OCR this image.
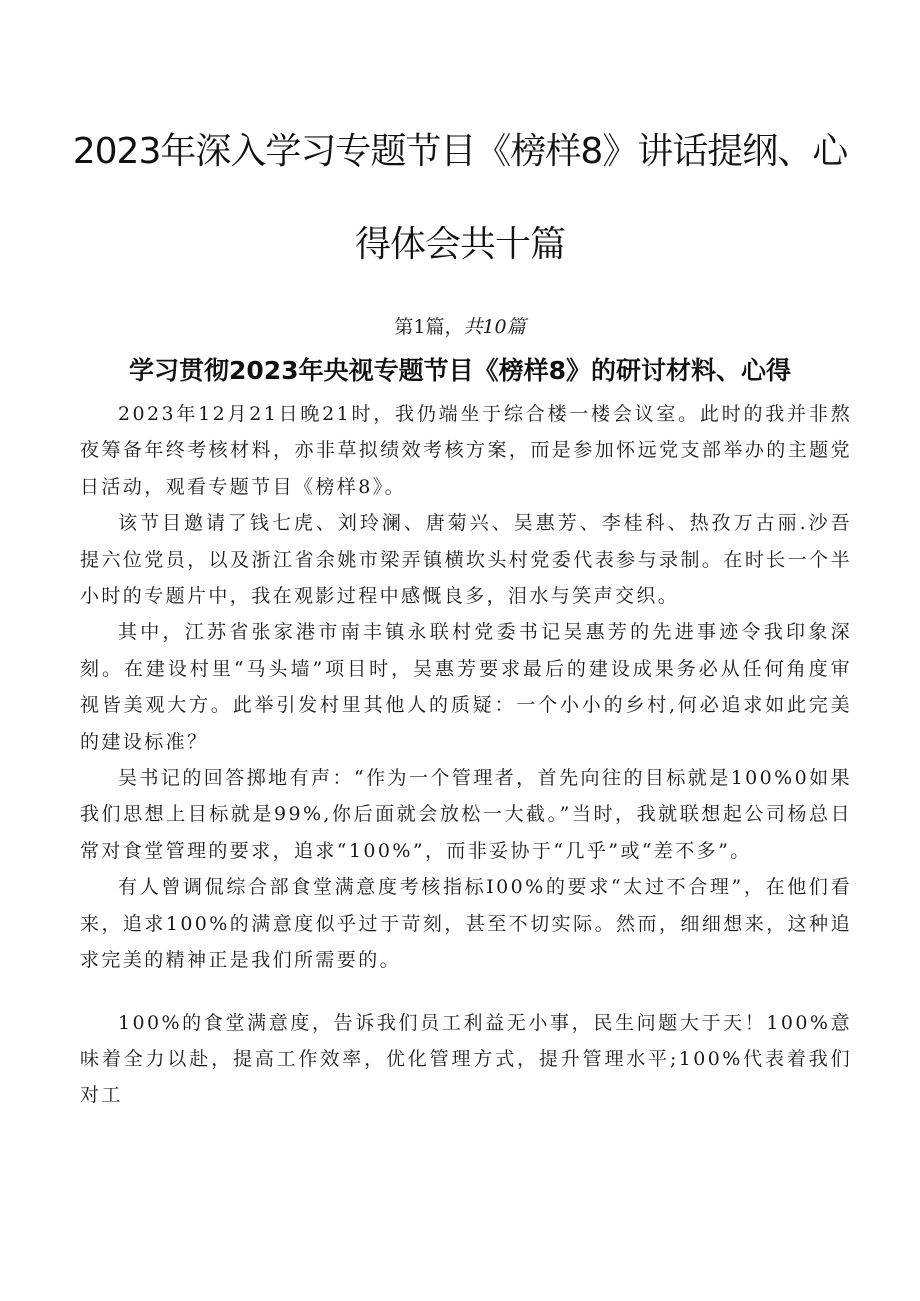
2023年深入学习专题节目《榜样8》讲话提纲、心
得体会共十篇
第1篇，共10篇
学习贯彻2023年央视专题节目《榜样8》的研讨材料、心得

2023年12月21日晚21时，我仍端坐于综合楼一楼会议室。此时的我并非熬夜筹备年终考核材料，亦非草拟绩效考核方案，而是参加怀远党支部举办的主题党日活动，观看专题节目《榜样8》。

该节目邀请了钱七虎、刘玲澜、唐菊兴、吴惠芳、李桂科、热孜万古丽.沙吾提六位党员，以及浙江省余姚市梁弄镇横坎头村党委代表参与录制。在时长一个半小时的专题片中，我在观影过程中感慨良多，泪水与笑声交织。

其中，江苏省张家港市南丰镇永联村党委书记吴惠芳的先进事迹令我印象深刻。在建设村里“马头墙”项目时，吴惠芳要求最后的建设成果务必从任何角度审视皆美观大方。此举引发村里其他人的质疑：一个小小的乡村,何必追求如此完美的建设标准？

吴书记的回答掷地有声：“作为一个管理者，首先向往的目标就是100%0如果我们思想上目标就是99%,你后面就会放松一大截。”当时，我就联想起公司杨总日常对食堂管理的要求，追求“100%”，而非妥协于“几乎”或“差不多”。

有人曾调侃综合部食堂满意度考核指标I00%的要求“太过不合理”，在他们看来，追求100%的满意度似乎过于苛刻，甚至不切实际。然而，细细想来，这种追求完美的精神正是我们所需要的。

100%的食堂满意度，告诉我们员工利益无小事，民生问题大于天！100%意味着全力以赴，提高工作效率，优化管理方式，提升管理水平;100%代表着我们对工
